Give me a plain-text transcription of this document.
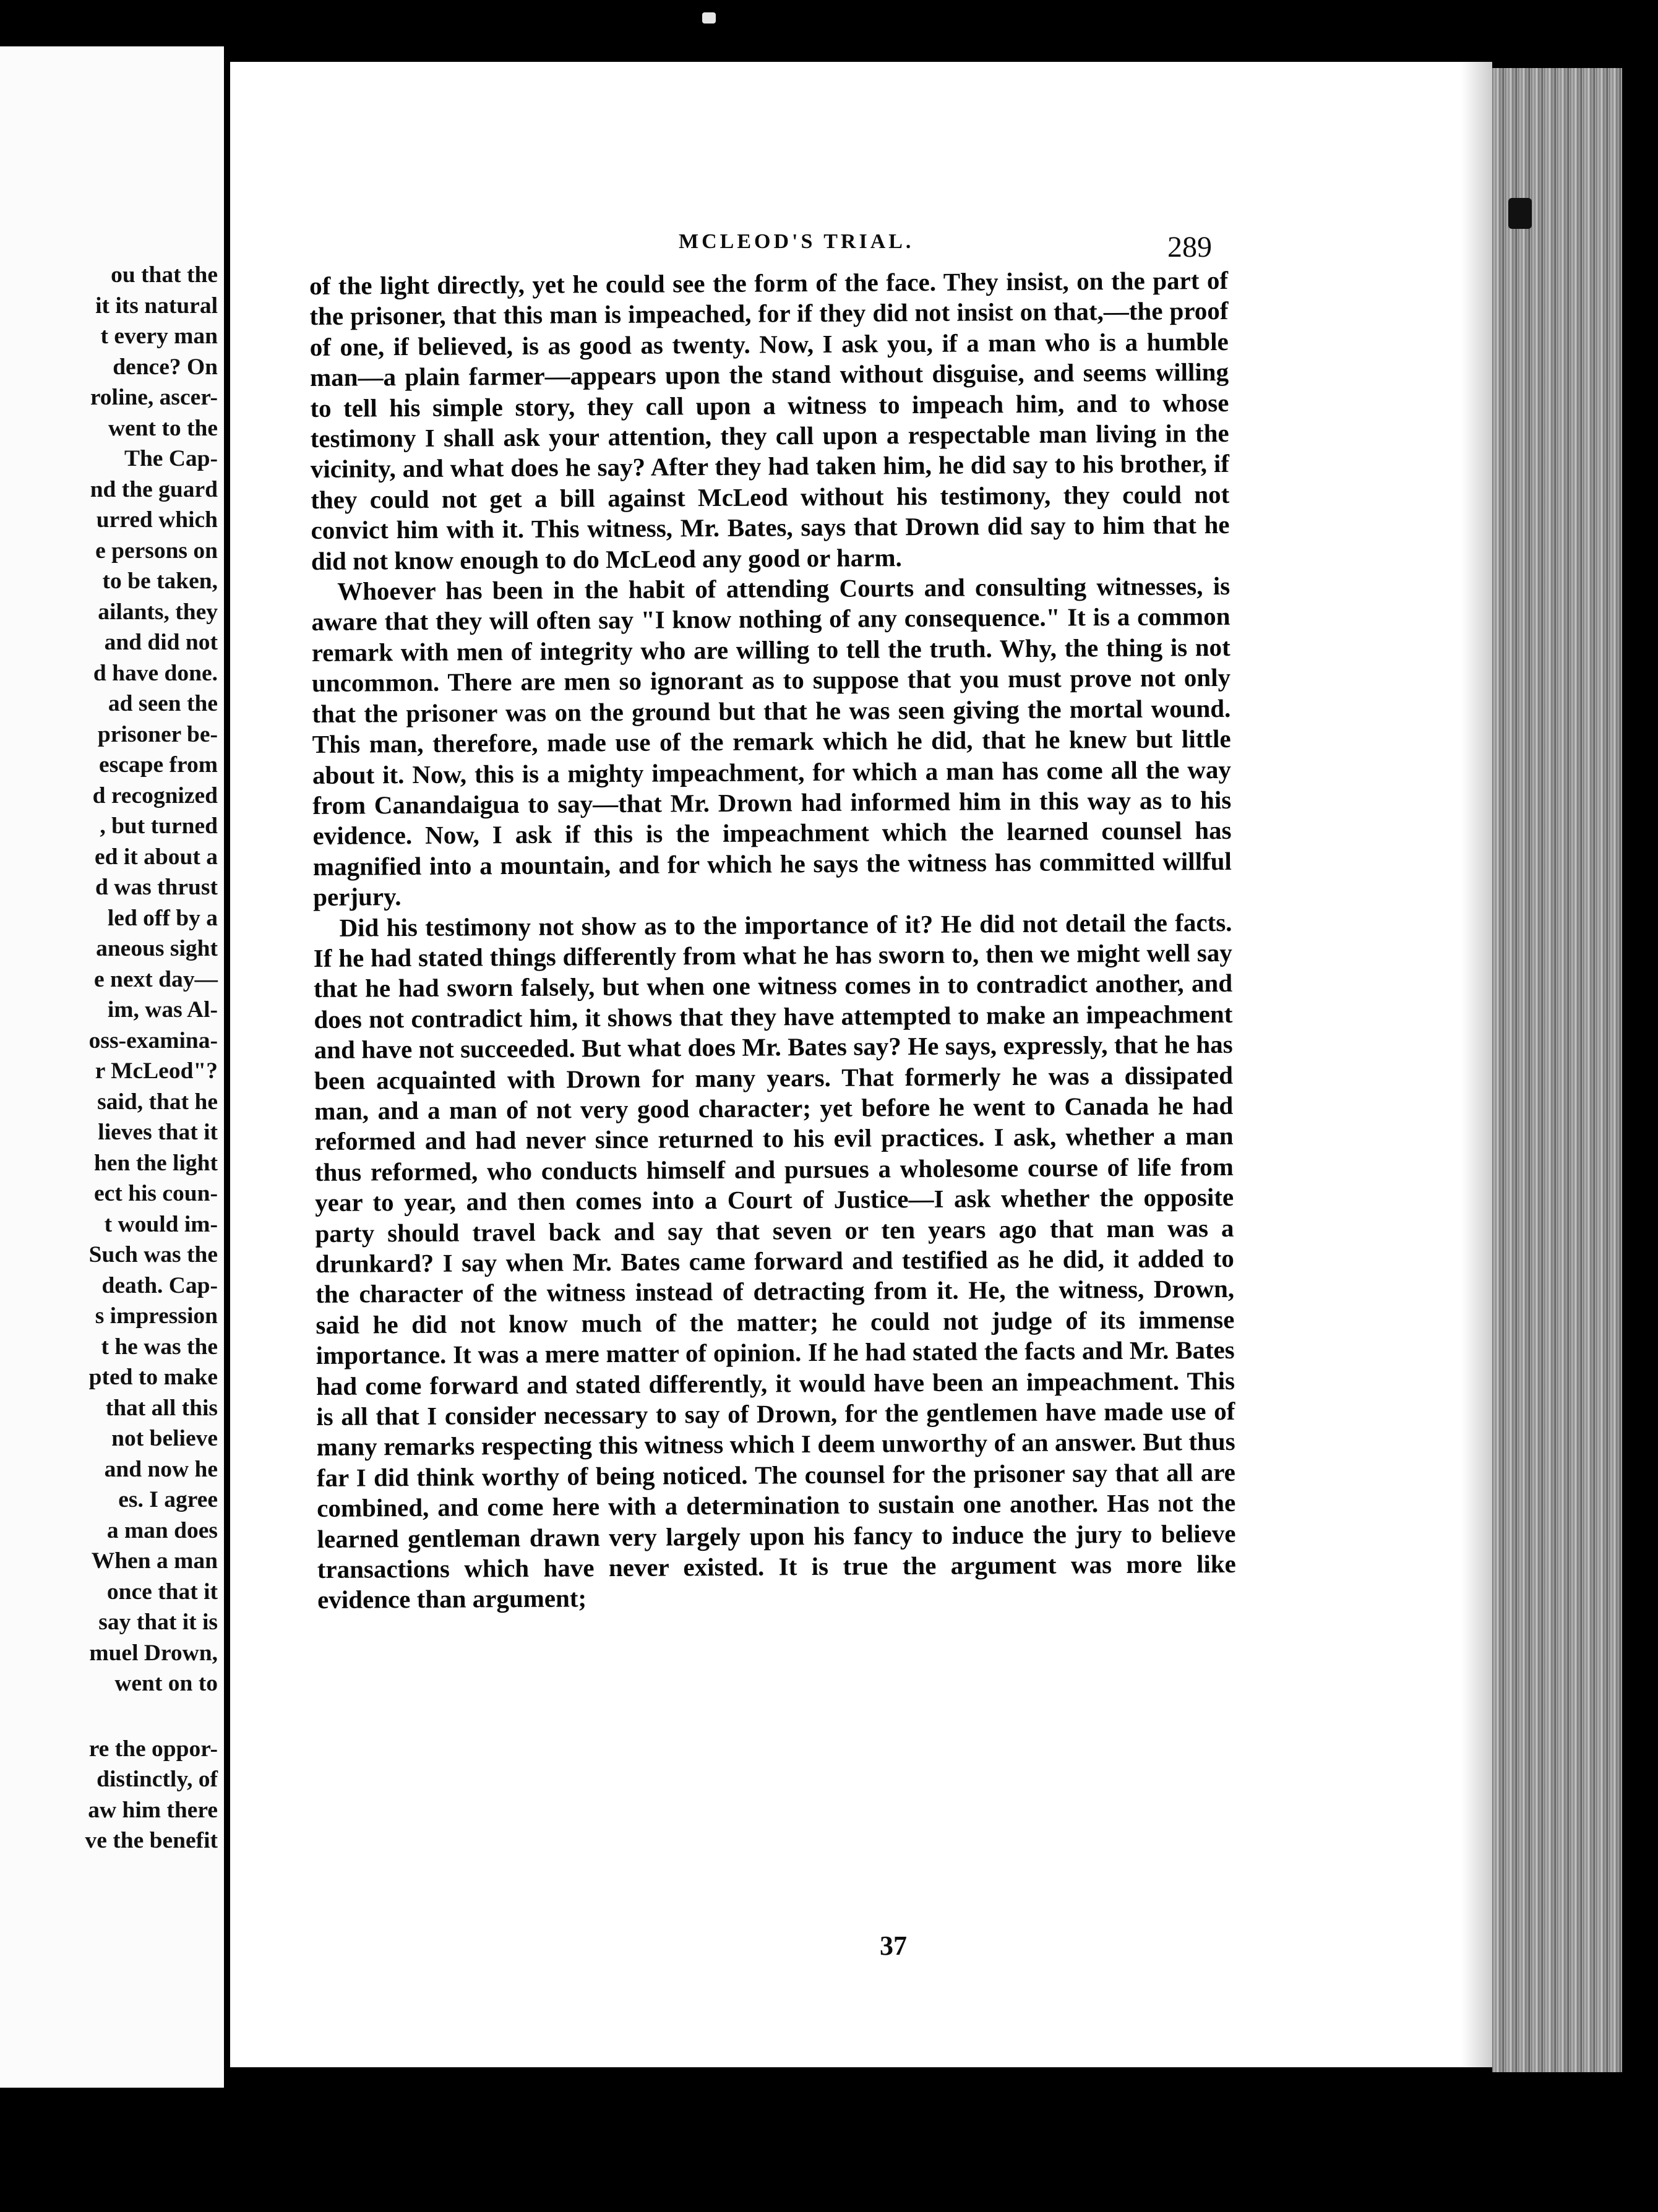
ou that the
it its natural
t every man
dence? On
roline, ascer-
went to the
The Cap-
nd the guard
urred which
e persons on
to be taken,
ailants, they
and did not
d have done.
ad seen the
prisoner be-
escape from
d recognized
, but turned
ed it about a
d was thrust
led off by a
aneous sight
e next day—
im, was Al-
oss-examina-
r McLeod"?
said, that he
lieves that it
hen the light
ect his coun-
t would im-
Such was the
death. Cap-
s impression
t he was the
pted to make
that all this
not believe
and now he
es. I agree
a man does
When a man
once that it
say that it is
muel Drown,
went on to
re the oppor-
distinctly, of
aw him there
ve the benefit
MCLEOD'S TRIAL.	289

of the light directly, yet he could see the form of the face. They insist, on the part of the prisoner, that this man is impeached, for if they did not insist on that,—the proof of one, if believed, is as good as twenty. Now, I ask you, if a man who is a humble man—a plain farmer—appears upon the stand without disguise, and seems willing to tell his simple story, they call upon a witness to impeach him, and to whose testimony I shall ask your attention, they call upon a respectable man living in the vicinity, and what does he say? After they had taken him, he did say to his brother, if they could not get a bill against McLeod without his testimony, they could not convict him with it. This witness, Mr. Bates, says that Drown did say to him that he did not know enough to do McLeod any good or harm.

Whoever has been in the habit of attending Courts and consulting witnesses, is aware that they will often say "I know nothing of any consequence." It is a common remark with men of integrity who are willing to tell the truth. Why, the thing is not uncommon. There are men so ignorant as to suppose that you must prove not only that the prisoner was on the ground but that he was seen giving the mortal wound. This man, therefore, made use of the remark which he did, that he knew but little about it. Now, this is a mighty impeachment, for which a man has come all the way from Canandaigua to say—that Mr. Drown had informed him in this way as to his evidence. Now, I ask if this is the impeachment which the learned counsel has magnified into a mountain, and for which he says the witness has committed willful perjury.

Did his testimony not show as to the importance of it? He did not detail the facts. If he had stated things differently from what he has sworn to, then we might well say that he had sworn falsely, but when one witness comes in to contradict another, and does not contradict him, it shows that they have attempted to make an impeachment and have not succeeded. But what does Mr. Bates say? He says, expressly, that he has been acquainted with Drown for many years. That formerly he was a dissipated man, and a man of not very good character; yet before he went to Canada he had reformed and had never since returned to his evil practices. I ask, whether a man thus reformed, who conducts himself and pursues a wholesome course of life from year to year, and then comes into a Court of Justice—I ask whether the opposite party should travel back and say that seven or ten years ago that man was a drunkard? I say when Mr. Bates came forward and testified as he did, it added to the character of the witness instead of detracting from it. He, the witness, Drown, said he did not know much of the matter; he could not judge of its immense importance. It was a mere matter of opinion. If he had stated the facts and Mr. Bates had come forward and stated differently, it would have been an impeachment. This is all that I consider necessary to say of Drown, for the gentlemen have made use of many remarks respecting this witness which I deem unworthy of an answer. But thus far I did think worthy of being noticed. The counsel for the prisoner say that all are combined, and come here with a determination to sustain one another. Has not the learned gentleman drawn very largely upon his fancy to induce the jury to believe transactions which have never existed. It is true the argument was more like evidence than argument;

37
